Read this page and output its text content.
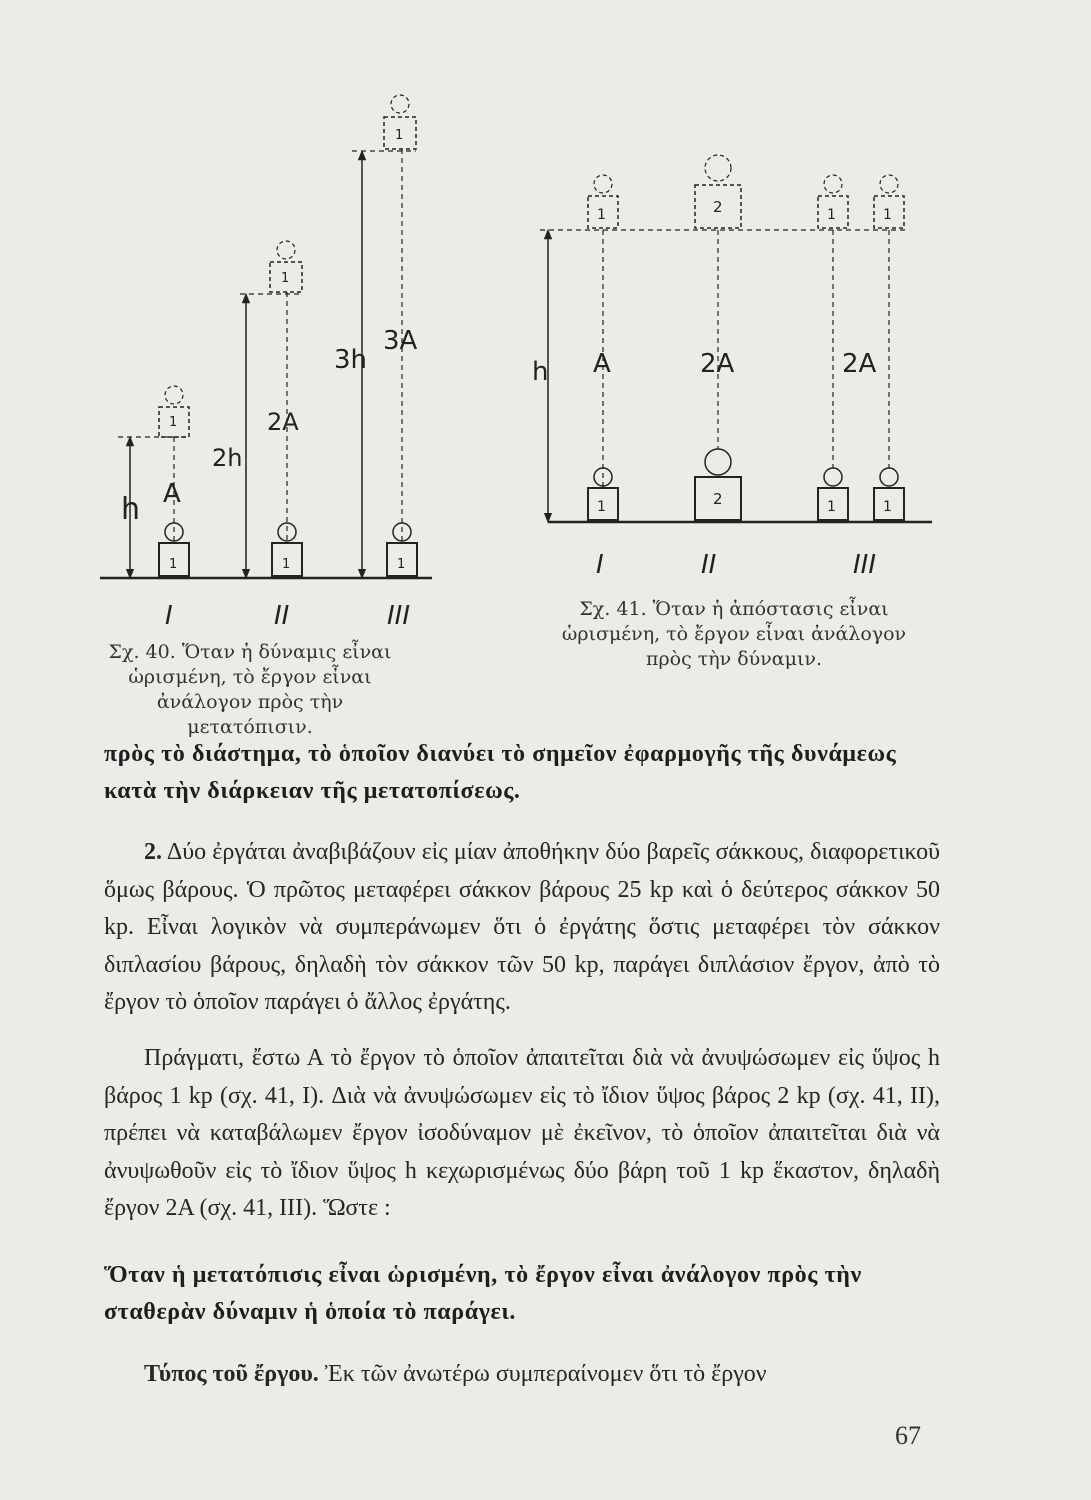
1
1
1
1
1
1
h A
2h
2A
3h
3A
I	II	III
1
1
2
2
1
1
1
1
h A	2A	2A
I	II	III
Σχ. 40. Ὅταν ἡ δύναμις εἶναι ὡρισμένη, τὸ ἔργον εἶναι ἀνάλογον πρὸς τὴν μετατόπισιν.
Σχ. 41. Ὅταν ἡ ἀπόστασις εἶναι ὡρισμένη, τὸ ἔργον εἶναι ἀνάλογον πρὸς τὴν δύναμιν.
πρὸς τὸ διάστημα, τὸ ὁποῖον διανύει τὸ σημεῖον ἐφαρμογῆς τῆς δυνάμεως κατὰ τὴν διάρκειαν τῆς μετατοπίσεως.
2. Δύο ἐργάται ἀναβιβάζουν εἰς μίαν ἀποθήκην δύο βαρεῖς σάκκους, διαφορετικοῦ ὅμως βάρους. Ὁ πρῶτος μεταφέρει σάκκον βάρους 25 kp καὶ ὁ δεύτερος σάκκον 50 kp. Εἶναι λογικὸν νὰ συμπεράνωμεν ὅτι ὁ ἐργάτης ὅστις μεταφέρει τὸν σάκκον διπλασίου βάρους, δηλαδὴ τὸν σάκκον τῶν 50 kp, παράγει διπλάσιον ἔργον, ἀπὸ τὸ ἔργον τὸ ὁποῖον παράγει ὁ ἄλλος ἐργάτης.
Πράγματι, ἔστω Α τὸ ἔργον τὸ ὁποῖον ἀπαιτεῖται διὰ νὰ ἀνυψώσωμεν εἰς ὕψος h βάρος 1 kp (σχ. 41, I). Διὰ νὰ ἀνυψώσωμεν εἰς τὸ ἴδιον ὕψος βάρος 2 kp (σχ. 41, II), πρέπει νὰ καταβάλωμεν ἔργον ἰσοδύναμον μὲ ἐκεῖνον, τὸ ὁποῖον ἀπαιτεῖται διὰ νὰ ἀνυψωθοῦν εἰς τὸ ἴδιον ὕψος h κεχωρισμένως δύο βάρη τοῦ 1 kp ἕκαστον, δηλαδὴ ἔργον 2Α (σχ. 41, III). Ὥστε :
Ὅταν ἡ μετατόπισις εἶναι ὡρισμένη, τὸ ἔργον εἶναι ἀνάλογον πρὸς τὴν σταθερὰν δύναμιν ἡ ὁποία τὸ παράγει.
Τύπος τοῦ ἔργου. Ἐκ τῶν ἀνωτέρω συμπεραίνομεν ὅτι τὸ ἔργον
67
